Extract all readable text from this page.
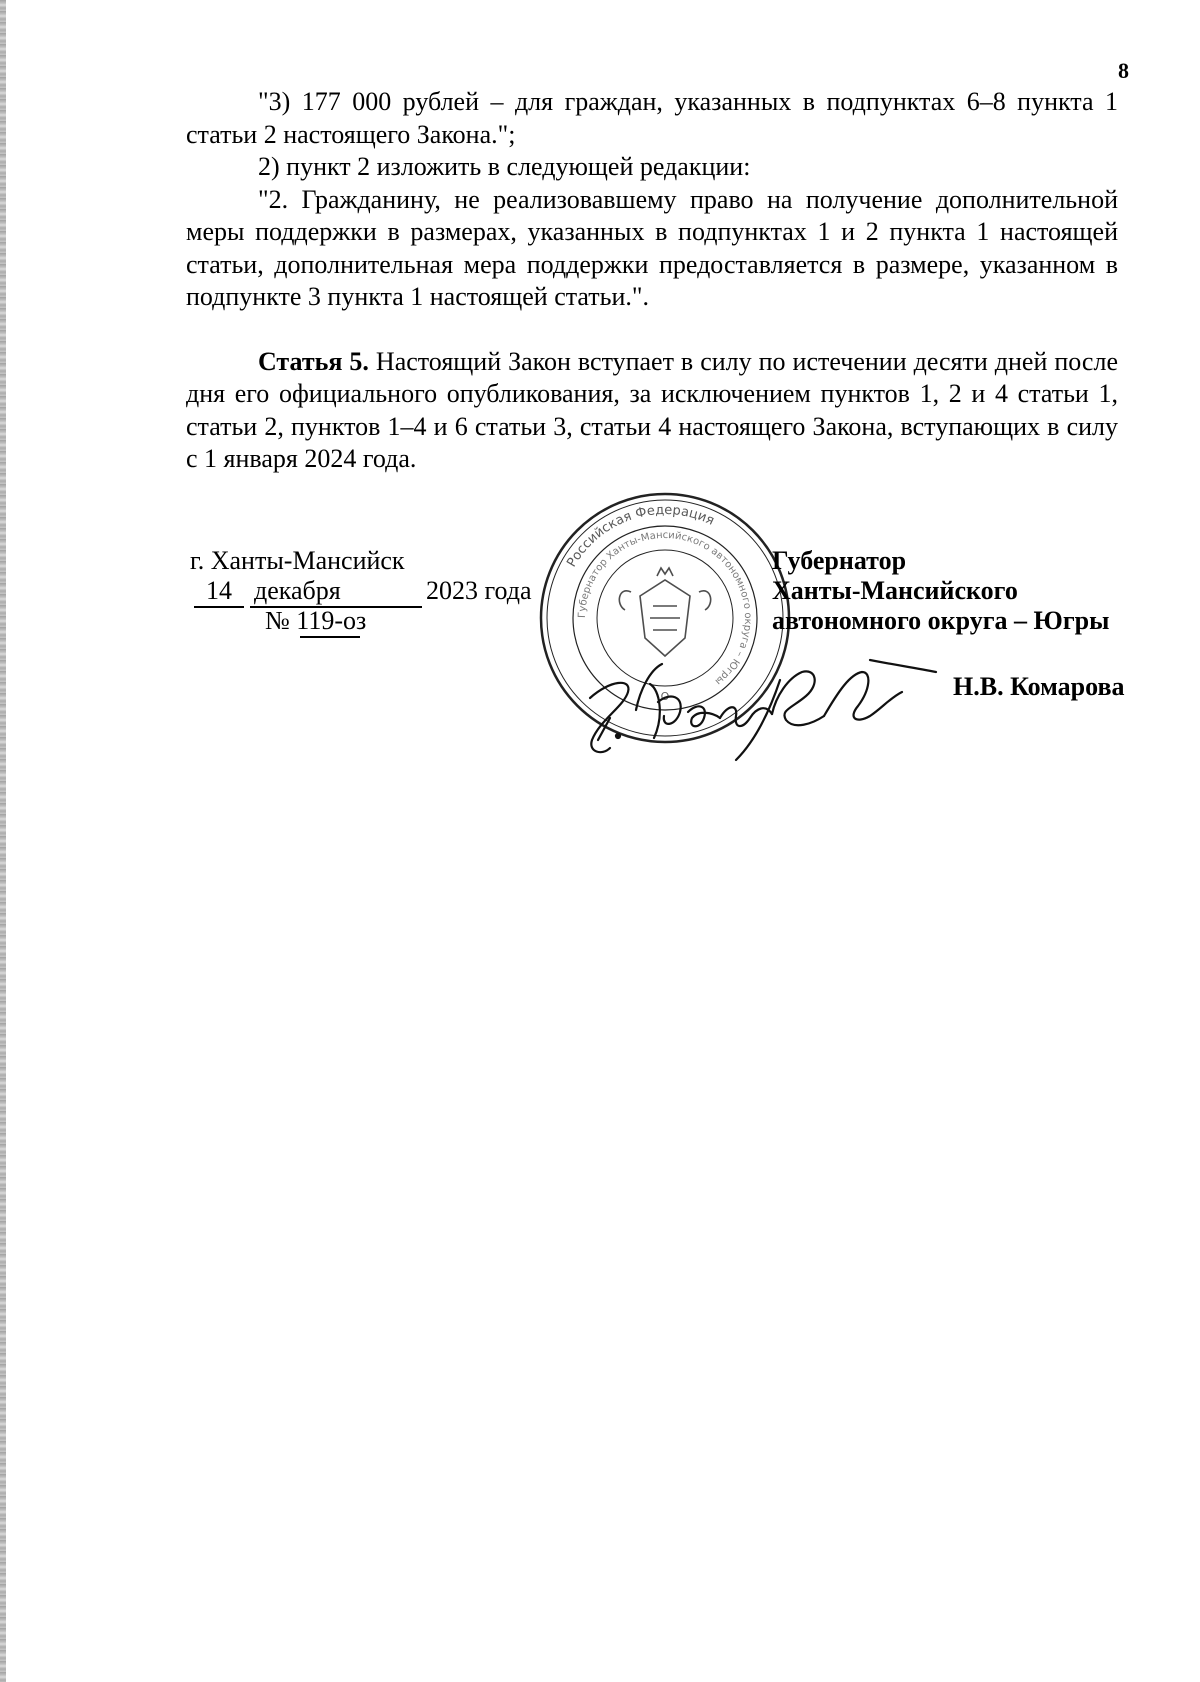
8

"3) 177 000 рублей – для граждан, указанных в подпунктах 6–8 пункта 1 статьи 2 настоящего Закона.";

2) пункт 2 изложить в следующей редакции:

"2. Гражданину, не реализовавшему право на получение дополнительной меры поддержки в размерах, указанных в подпунктах 1 и 2 пункта 1 настоящей статьи, дополнительная мера поддержки предоставляется в размере, указанном в подпункте 3 пункта 1 настоящей статьи.".

Статья 5. Настоящий Закон вступает в силу по истечении десяти дней после дня его официального опубликования, за исключением пунктов 1, 2 и 4 статьи 1, статьи 2, пунктов 1–4 и 6 статьи 3, статьи 4 настоящего Закона, вступающих в силу с 1 января 2024 года.

Российская Федерация
Губернатор Ханты-Мансийского автономного округа – Югры
О
г. Ханты-Мансийск
14 декабря	2023 года
№ 119-оз
Губернатор
Ханты-Мансийского
автономного округа – Югры
Н.В. Комарова
